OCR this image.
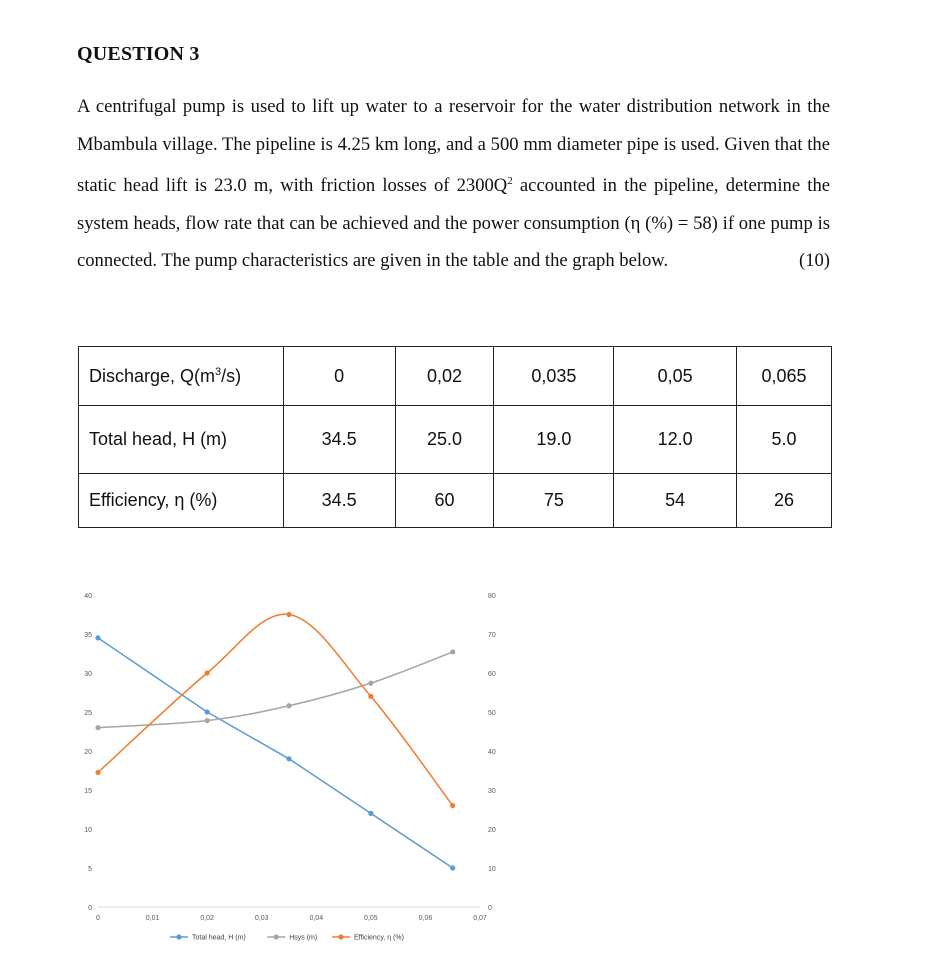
QUESTION 3

A centrifugal pump is used to lift up water to a reservoir for the water distribution network in the Mbambula village. The pipeline is 4.25 km long, and a 500 mm diameter pipe is used. Given that the static head lift is 23.0 m, with friction losses of $2300Q^2$ accounted in the pipeline, determine the system heads, flow rate that can be achieved and the power consumption (η (%) = 58) if one pump is connected. The pump characteristics are given in the table and the graph below.	(10)

Discharge, $Q(m^3/s)$	0	0,02	0,035	0,05	0,065
Total head, H (m)	34.5	25.0	19.0	12.0	5.0
Efficiency, η (%)	34.5	60	75	54	26
0
5
10
15
20
25
30
35
40
0
10
20
30
40
50
60
70
80
0	0,01	0,02	0,03	0,04	0,05	0,06	0,07
Total head, H (m)	Hsys (m)	Efficiency, η (%)
